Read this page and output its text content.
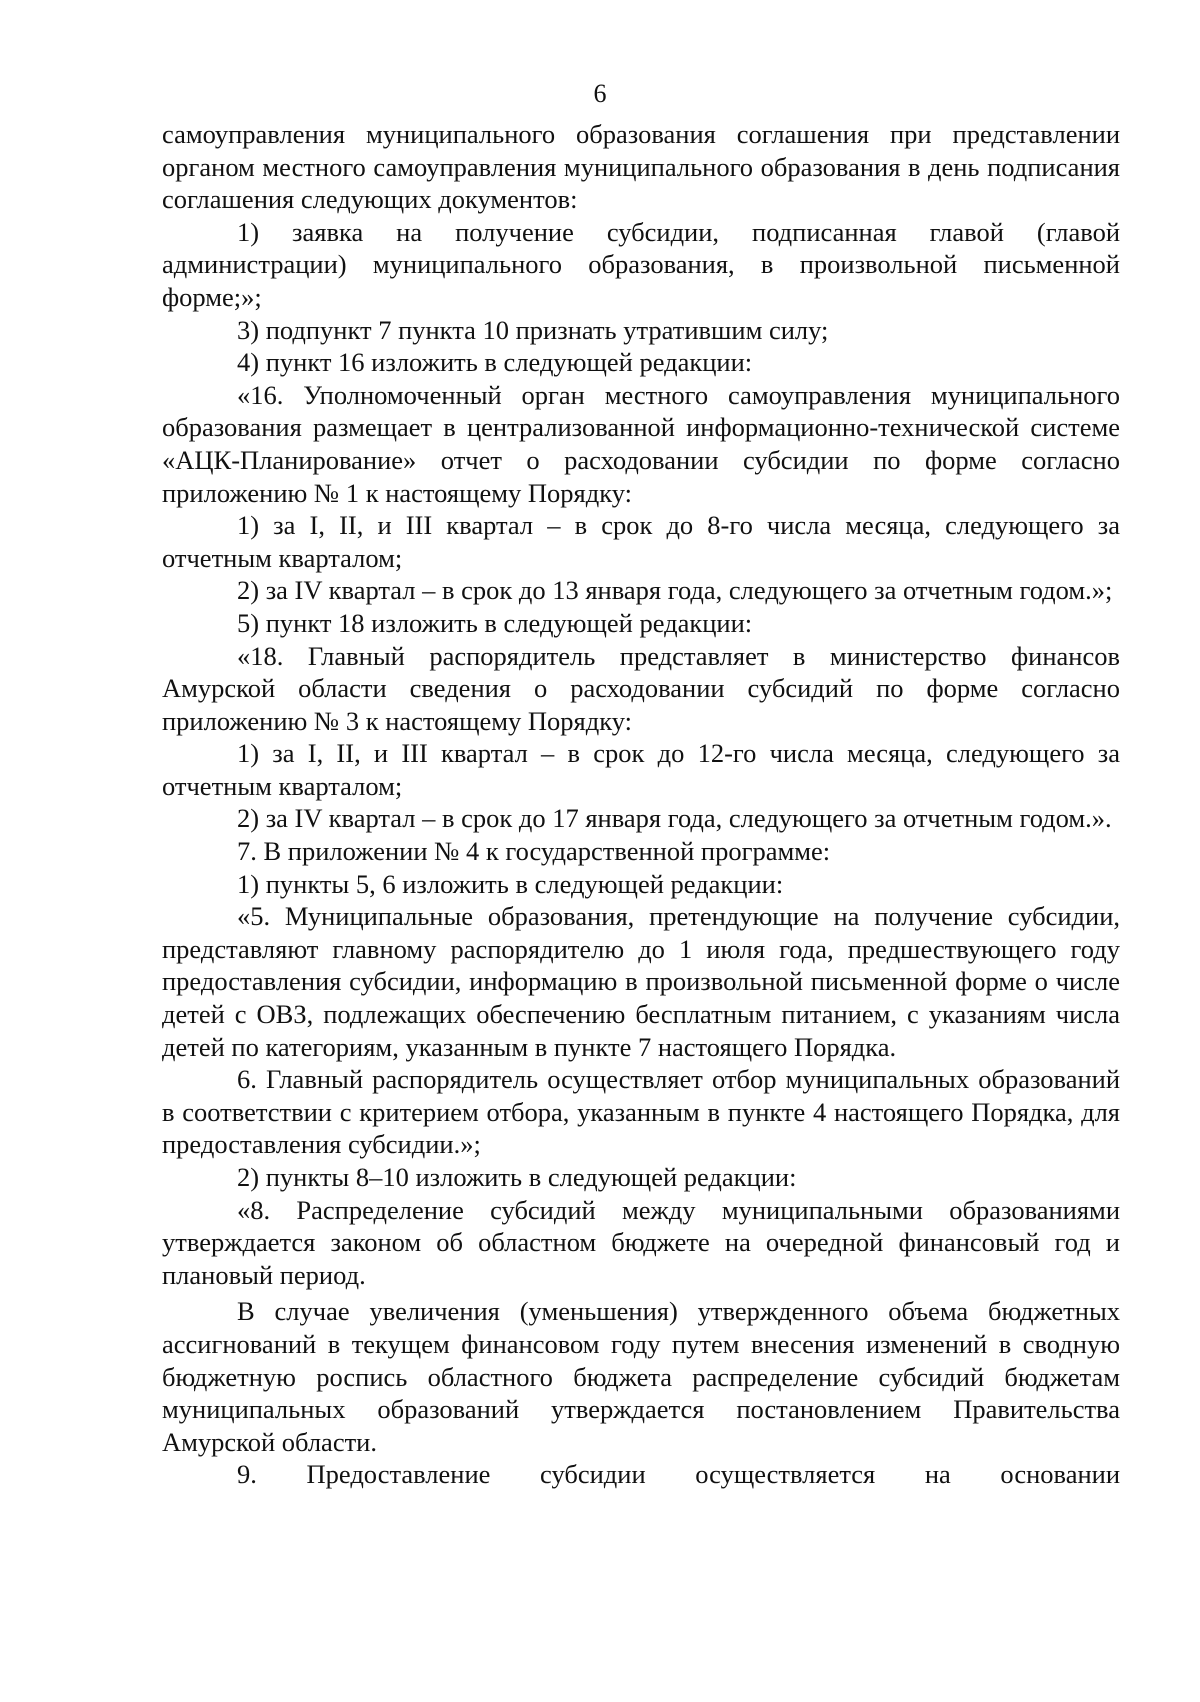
6

самоуправления муниципального образования соглашения при представлении органом местного самоуправления муниципального образования в день подписания соглашения следующих документов:

1) заявка на получение субсидии, подписанная главой (главой администрации) муниципального образования, в произвольной письменной форме;»;

3) подпункт 7 пункта 10 признать утратившим силу;

4) пункт 16 изложить в следующей редакции:

«16. Уполномоченный орган местного самоуправления муниципального образования размещает в централизованной информационно-технической системе «АЦК-Планирование» отчет о расходовании субсидии по форме согласно приложению № 1 к настоящему Порядку:

1) за I, II, и III квартал – в срок до 8-го числа месяца, следующего за отчетным кварталом;

2) за IV квартал – в срок до 13 января года, следующего за отчетным годом.»;

5) пункт 18 изложить в следующей редакции:

«18. Главный распорядитель представляет в министерство финансов Амурской области сведения о расходовании субсидий по форме согласно приложению № 3 к настоящему Порядку:

1) за I, II, и III квартал – в срок до 12-го числа месяца, следующего за отчетным кварталом;

2) за IV квартал – в срок до 17 января года, следующего за отчетным годом.».

7. В приложении № 4 к государственной программе:

1) пункты 5, 6 изложить в следующей редакции:

«5. Муниципальные образования, претендующие на получение субсидии, представляют главному распорядителю до 1 июля года, предшествующего году предоставления субсидии, информацию в произвольной письменной форме о числе детей с ОВЗ, подлежащих обеспечению бесплатным питанием, с указаниям числа детей по категориям, указанным в пункте 7 настоящего Порядка.

6. Главный распорядитель осуществляет отбор муниципальных образований в соответствии с критерием отбора, указанным в пункте 4 настоящего Порядка, для предоставления субсидии.»;

2) пункты 8–10 изложить в следующей редакции:

«8. Распределение субсидий между муниципальными образованиями утверждается законом об областном бюджете на очередной финансовый год и плановый период.

В случае увеличения (уменьшения) утвержденного объема бюджетных ассигнований в текущем финансовом году путем внесения изменений в сводную бюджетную роспись областного бюджета распределение субсидий бюджетам муниципальных образований утверждается постановлением Правительства Амурской области.

9. Предоставление субсидии осуществляется на основании
